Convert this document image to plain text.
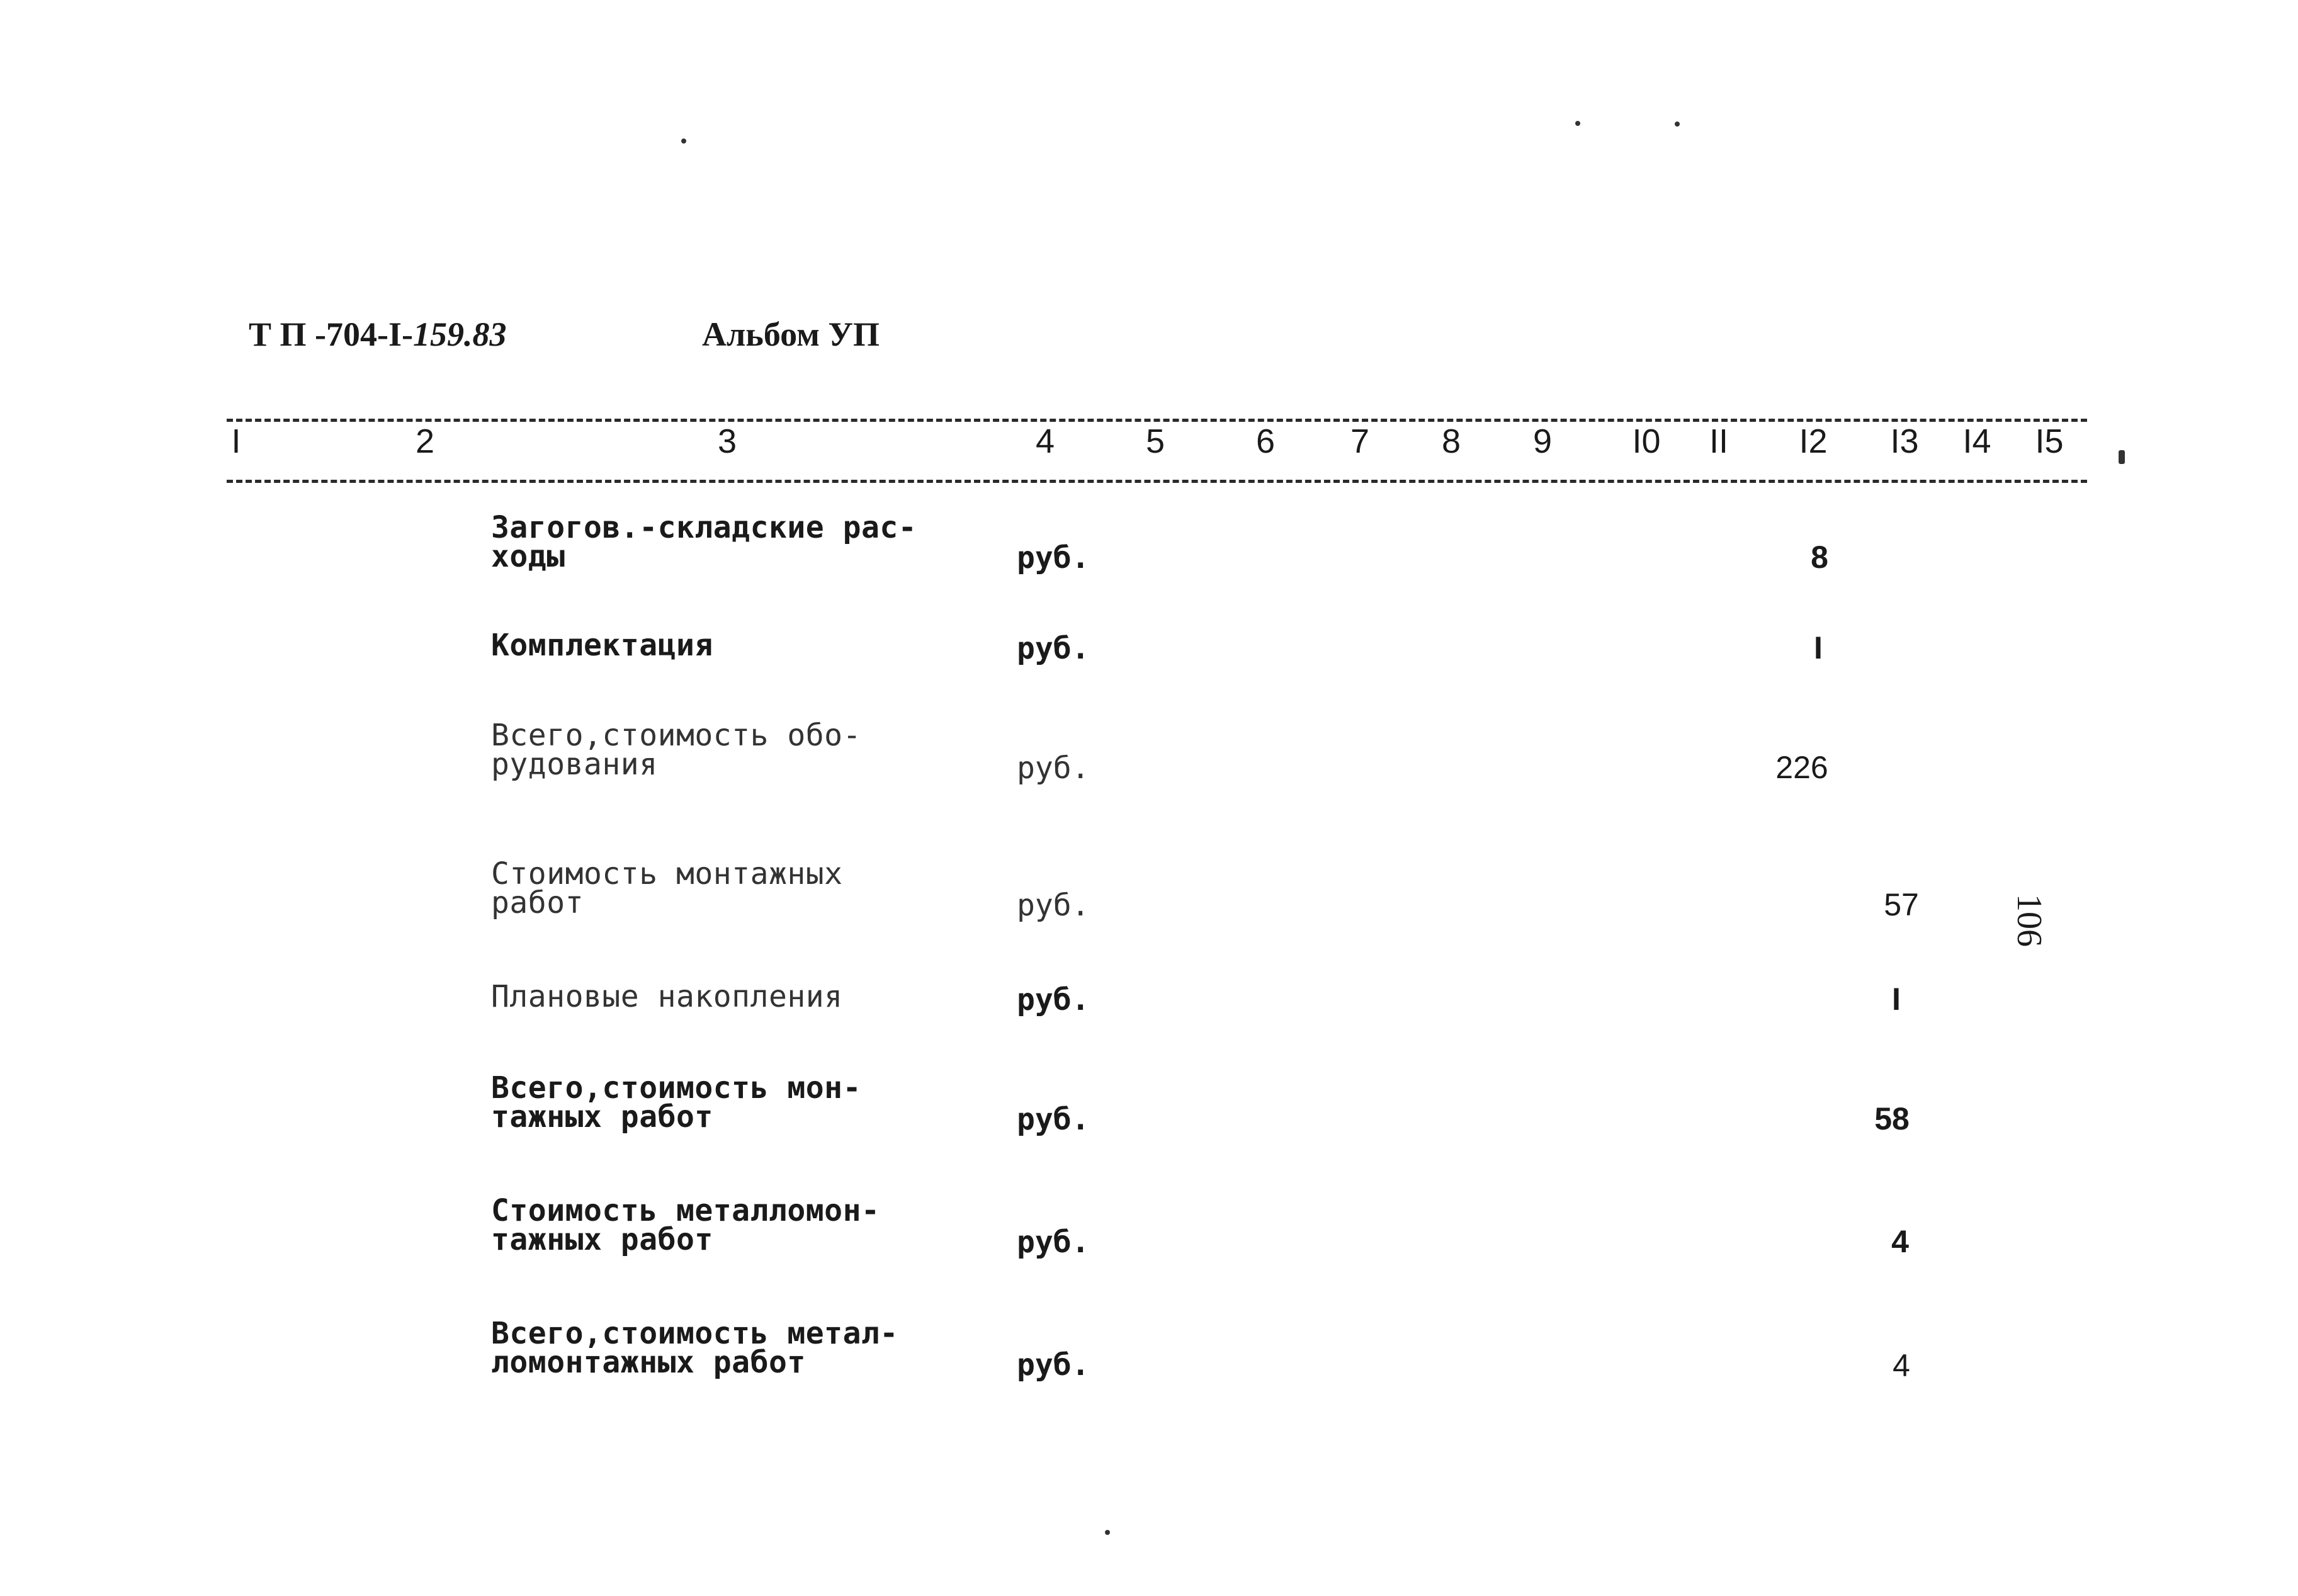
Т П -704-I-159.83	Альбом УП
I	2	3	4	5	6 7 8 9 I0 II I2 I3 I4 I5
Загогов.-складские рас-
ходы	руб.	8
Комплектация	руб.	I
Всего,стоимость обо-
рудования	руб.	226
Стоимость монтажных
работ	руб.	57
Плановые накопления	руб.	I
Всего,стоимость мон-
тажных работ	руб.	58
Стоимость металломон-
тажных работ	руб.	4
Всего,стоимость метал-
ломонтажных работ	руб.	4
106
